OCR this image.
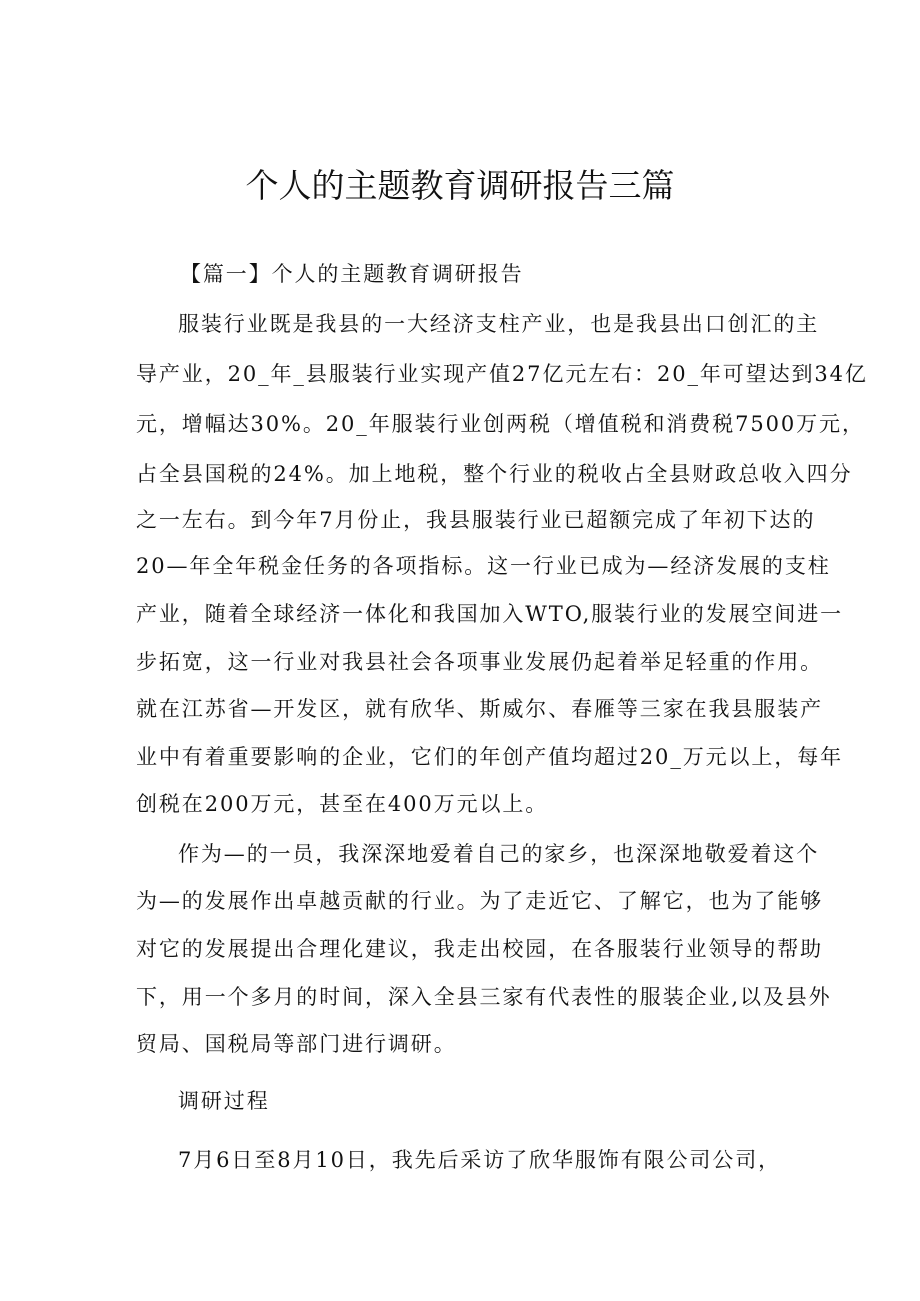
个人的主题教育调研报告三篇

【篇一】个人的主题教育调研报告

服装行业既是我县的一大经济支柱产业，也是我县出口创汇的主

导产业，20_年_县服装行业实现产值27亿元左右：20_年可望达到34亿

元，增幅达30%。20_年服装行业创两税（增值税和消费税7500万元，

占全县国税的24%。加上地税，整个行业的税收占全县财政总收入四分

之一左右。到今年7月份止，我县服装行业已超额完成了年初下达的

20—年全年税金任务的各项指标。这一行业已成为—经济发展的支柱

产业，随着全球经济一体化和我国加入WTO,服装行业的发展空间进一

步拓宽，这一行业对我县社会各项事业发展仍起着举足轻重的作用。

就在江苏省—开发区，就有欣华、斯威尔、春雁等三家在我县服装产

业中有着重要影响的企业，它们的年创产值均超过20_万元以上，每年

创税在200万元，甚至在400万元以上。

作为—的一员，我深深地爱着自己的家乡，也深深地敬爱着这个

为—的发展作出卓越贡献的行业。为了走近它、了解它，也为了能够

对它的发展提出合理化建议，我走出校园，在各服装行业领导的帮助

下，用一个多月的时间，深入全县三家有代表性的服装企业,以及县外

贸局、国税局等部门进行调研。

调研过程

7月6日至8月10日，我先后采访了欣华服饰有限公司公司，
